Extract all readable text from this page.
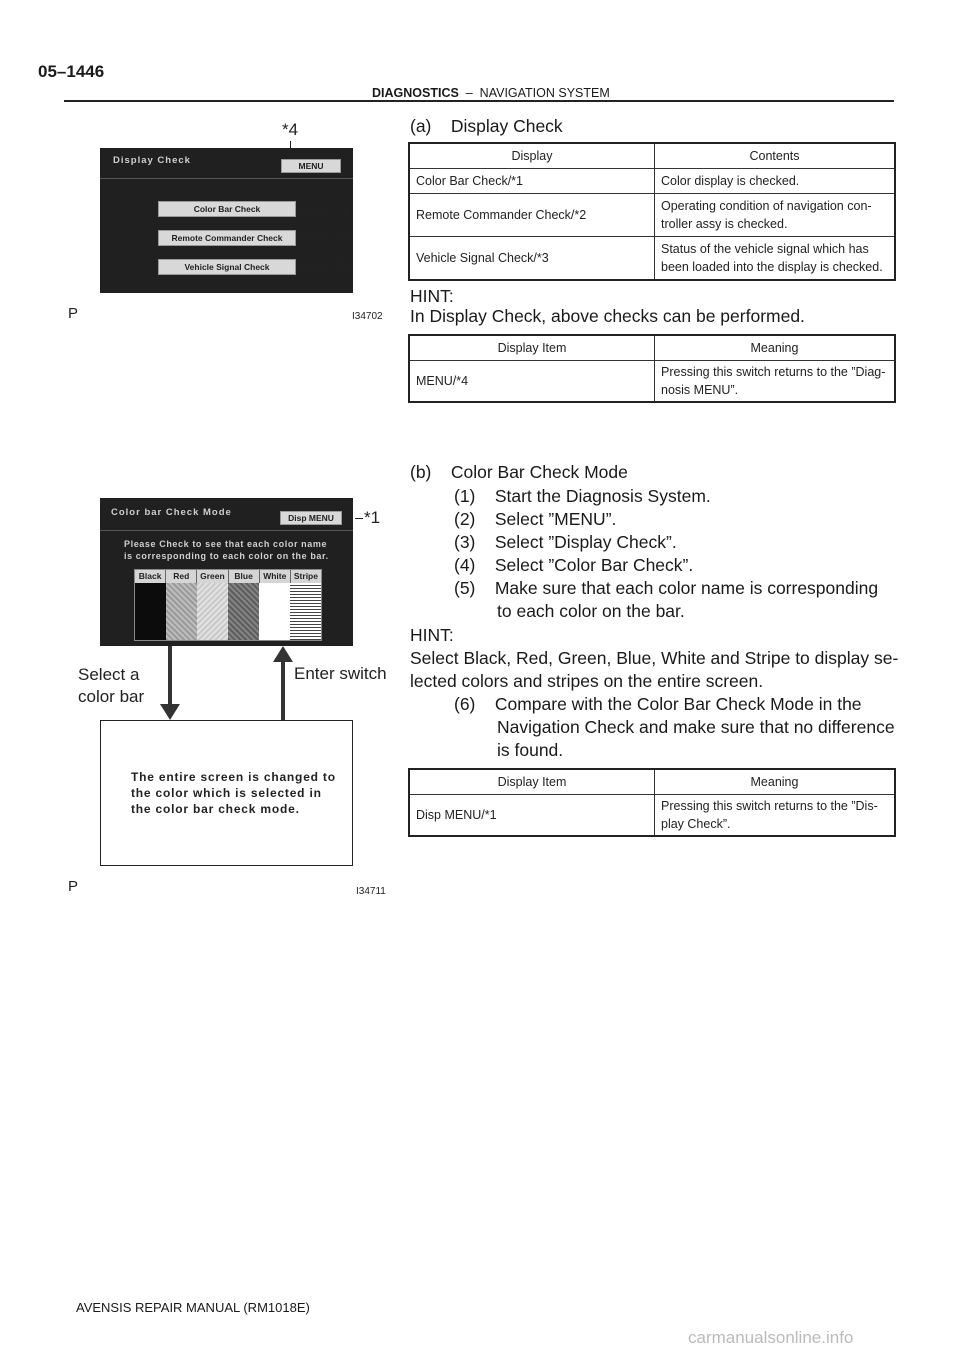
05–1446
DIAGNOSTICS – NAVIGATION SYSTEM
*4
Display Check	MENU
Color Bar Check
Remote Commander Check
Vehicle Signal Check
*1
*2
*3
P	I34702
Color bar Check Mode	Disp MENU
Please Check to see that each color name
is corresponding to each color on the bar.
Black	Red	Green	Blue	White Stripe
*1
Select a
color bar
Enter switch
The entire screen is changed to
the color which is selected in
the color bar check mode.
P	I34711
(a)    Display Check
Display	Contents
Color Bar Check/*1	Color display is checked.
Remote Commander Check/*2	Operating condition of navigation con-
troller assy is checked.
Vehicle Signal Check/*3	Status of the vehicle signal which has
been loaded into the display is checked.
HINT:
In Display Check, above checks can be performed.
Display Item	Meaning
MENU/*4	Pressing this switch returns to the ”Diag-
nosis MENU”.
(b)    Color Bar Check Mode
(1)    Start the Diagnosis System.
(2)    Select ”MENU”.
(3)    Select ”Display Check”.
(4)    Select ”Color Bar Check”.
(5)    Make sure that each color name is corresponding
to each color on the bar.
HINT:
Select Black, Red, Green, Blue, White and Stripe to display se-
lected colors and stripes on the entire screen.
(6)    Compare with the Color Bar Check Mode in the
Navigation Check and make sure that no difference
is found.
Display Item	Meaning
Disp MENU/*1	Pressing this switch returns to the ”Dis-
play Check”.
AVENSIS REPAIR MANUAL (RM1018E)
carmanualsonline.info
